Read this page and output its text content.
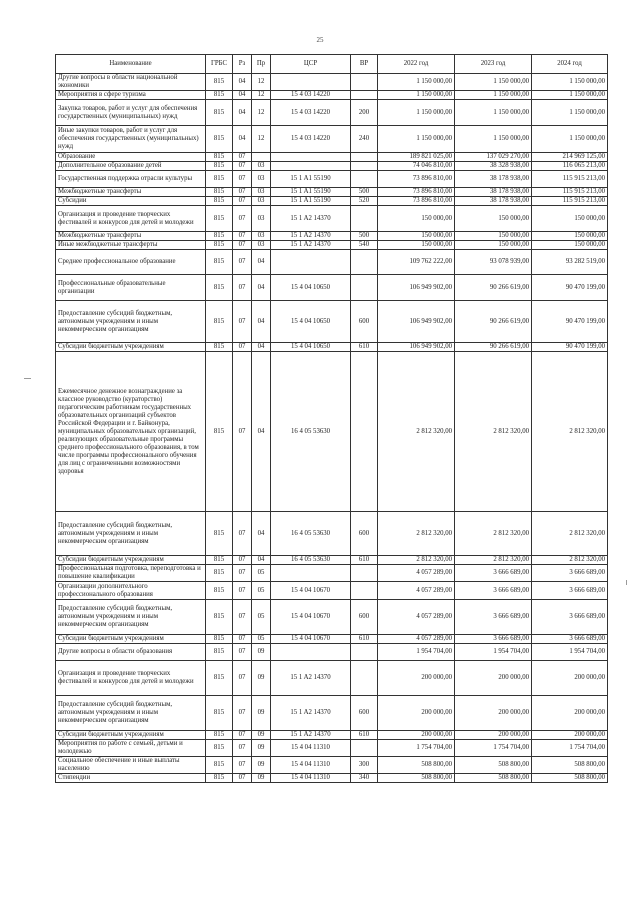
25
Наименование	ГРБС	Рз	Пр	ЦСР	ВР	2022 год	2023 год	2024 год
Другие вопросы в области национальной экономики	815	04	12			1 150 000,00	1 150 000,00	1 150 000,00
Мероприятия в сфере туризма	815	04	12	15 4 03 14220		1 150 000,00	1 150 000,00	1 150 000,00
Закупка товаров, работ и услуг для обеспечения государственных (муниципальных) нужд	815	04	12	15 4 03 14220	200	1 150 000,00	1 150 000,00	1 150 000,00
Иные закупки товаров, работ и услуг для обеспечения государственных (муниципальных) нужд	815	04	12	15 4 03 14220	240	1 150 000,00	1 150 000,00	1 150 000,00
Образование	815	07				189 821 025,00	137 029 270,00	214 969 125,00
Дополнительное образование детей	815	07	03			74 046 810,00	38 328 938,00	116 065 213,00
Государственная поддержка отрасли культуры	815	07	03	15 1 A1 55190		73 896 810,00	38 178 938,00	115 915 213,00
Межбюджетные трансферты	815	07	03	15 1 A1 55190	500	73 896 810,00	38 178 938,00	115 915 213,00
Субсидии	815	07	03	15 1 A1 55190	520	73 896 810,00	38 178 938,00	115 915 213,00
Организация и проведение творческих фестивалей и конкурсов для детей и молодежи	815	07	03	15 1 A2 14370		150 000,00	150 000,00	150 000,00
Межбюджетные трансферты	815	07	03	15 1 A2 14370	500	150 000,00	150 000,00	150 000,00
Иные межбюджетные трансферты	815	07	03	15 1 A2 14370	540	150 000,00	150 000,00	150 000,00
Среднее профессиональное образование	815	07	04			109 762 222,00	93 078 939,00	93 282 519,00
Профессиональные образовательные организации	815	07	04	15 4 04 10650		106 949 902,00	90 266 619,00	90 470 199,00
Предоставление субсидий бюджетным, автономным учреждениям и иным некоммерческим организациям	815	07	04	15 4 04 10650	600	106 949 902,00	90 266 619,00	90 470 199,00
Субсидии бюджетным учреждениям	815	07	04	15 4 04 10650	610	106 949 902,00	90 266 619,00	90 470 199,00
Ежемесячное денежное вознаграждение за классное руководство (кураторство) педагогическим работникам государственных образовательных организаций субъектов Российской Федерации и г. Байконура, муниципальных образовательных организаций, реализующих образовательные программы среднего профессионального образования, в том числе программы профессионального обучения для лиц с ограниченными возможностями здоровья	815	07	04	16 4 05 53630		2 812 320,00	2 812 320,00	2 812 320,00
Предоставление субсидий бюджетным, автономным учреждениям и иным некоммерческим организациям	815	07	04	16 4 05 53630	600	2 812 320,00	2 812 320,00	2 812 320,00
Субсидии бюджетным учреждениям	815	07	04	16 4 05 53630	610	2 812 320,00	2 812 320,00	2 812 320,00
Профессиональная подготовка, переподготовка и повышение квалификации	815	07	05			4 057 289,00	3 666 689,00	3 666 689,00
Организации дополнительного профессионального образования	815	07	05	15 4 04 10670		4 057 289,00	3 666 689,00	3 666 689,00
Предоставление субсидий бюджетным, автономным учреждениям и иным некоммерческим организациям	815	07	05	15 4 04 10670	600	4 057 289,00	3 666 689,00	3 666 689,00
Субсидии бюджетным учреждениям	815	07	05	15 4 04 10670	610	4 057 289,00	3 666 689,00	3 666 689,00
Другие вопросы в области образования	815	07	09			1 954 704,00	1 954 704,00	1 954 704,00
Организация и проведение творческих фестивалей и конкурсов для детей и молодежи	815	07	09	15 1 A2 14370		200 000,00	200 000,00	200 000,00
Предоставление субсидий бюджетным, автономным учреждениям и иным некоммерческим организациям	815	07	09	15 1 A2 14370	600	200 000,00	200 000,00	200 000,00
Субсидии бюджетным учреждениям	815	07	09	15 1 A2 14370	610	200 000,00	200 000,00	200 000,00
Мероприятия по работе с семьей, детьми и молодежью	815	07	09	15 4 04 11310		1 754 704,00	1 754 704,00	1 754 704,00
Социальное обеспечение и иные выплаты населению	815	07	09	15 4 04 11310	300	508 800,00	508 800,00	508 800,00
Стипендии	815	07	09	15 4 04 11310	340	508 800,00	508 800,00	508 800,00
